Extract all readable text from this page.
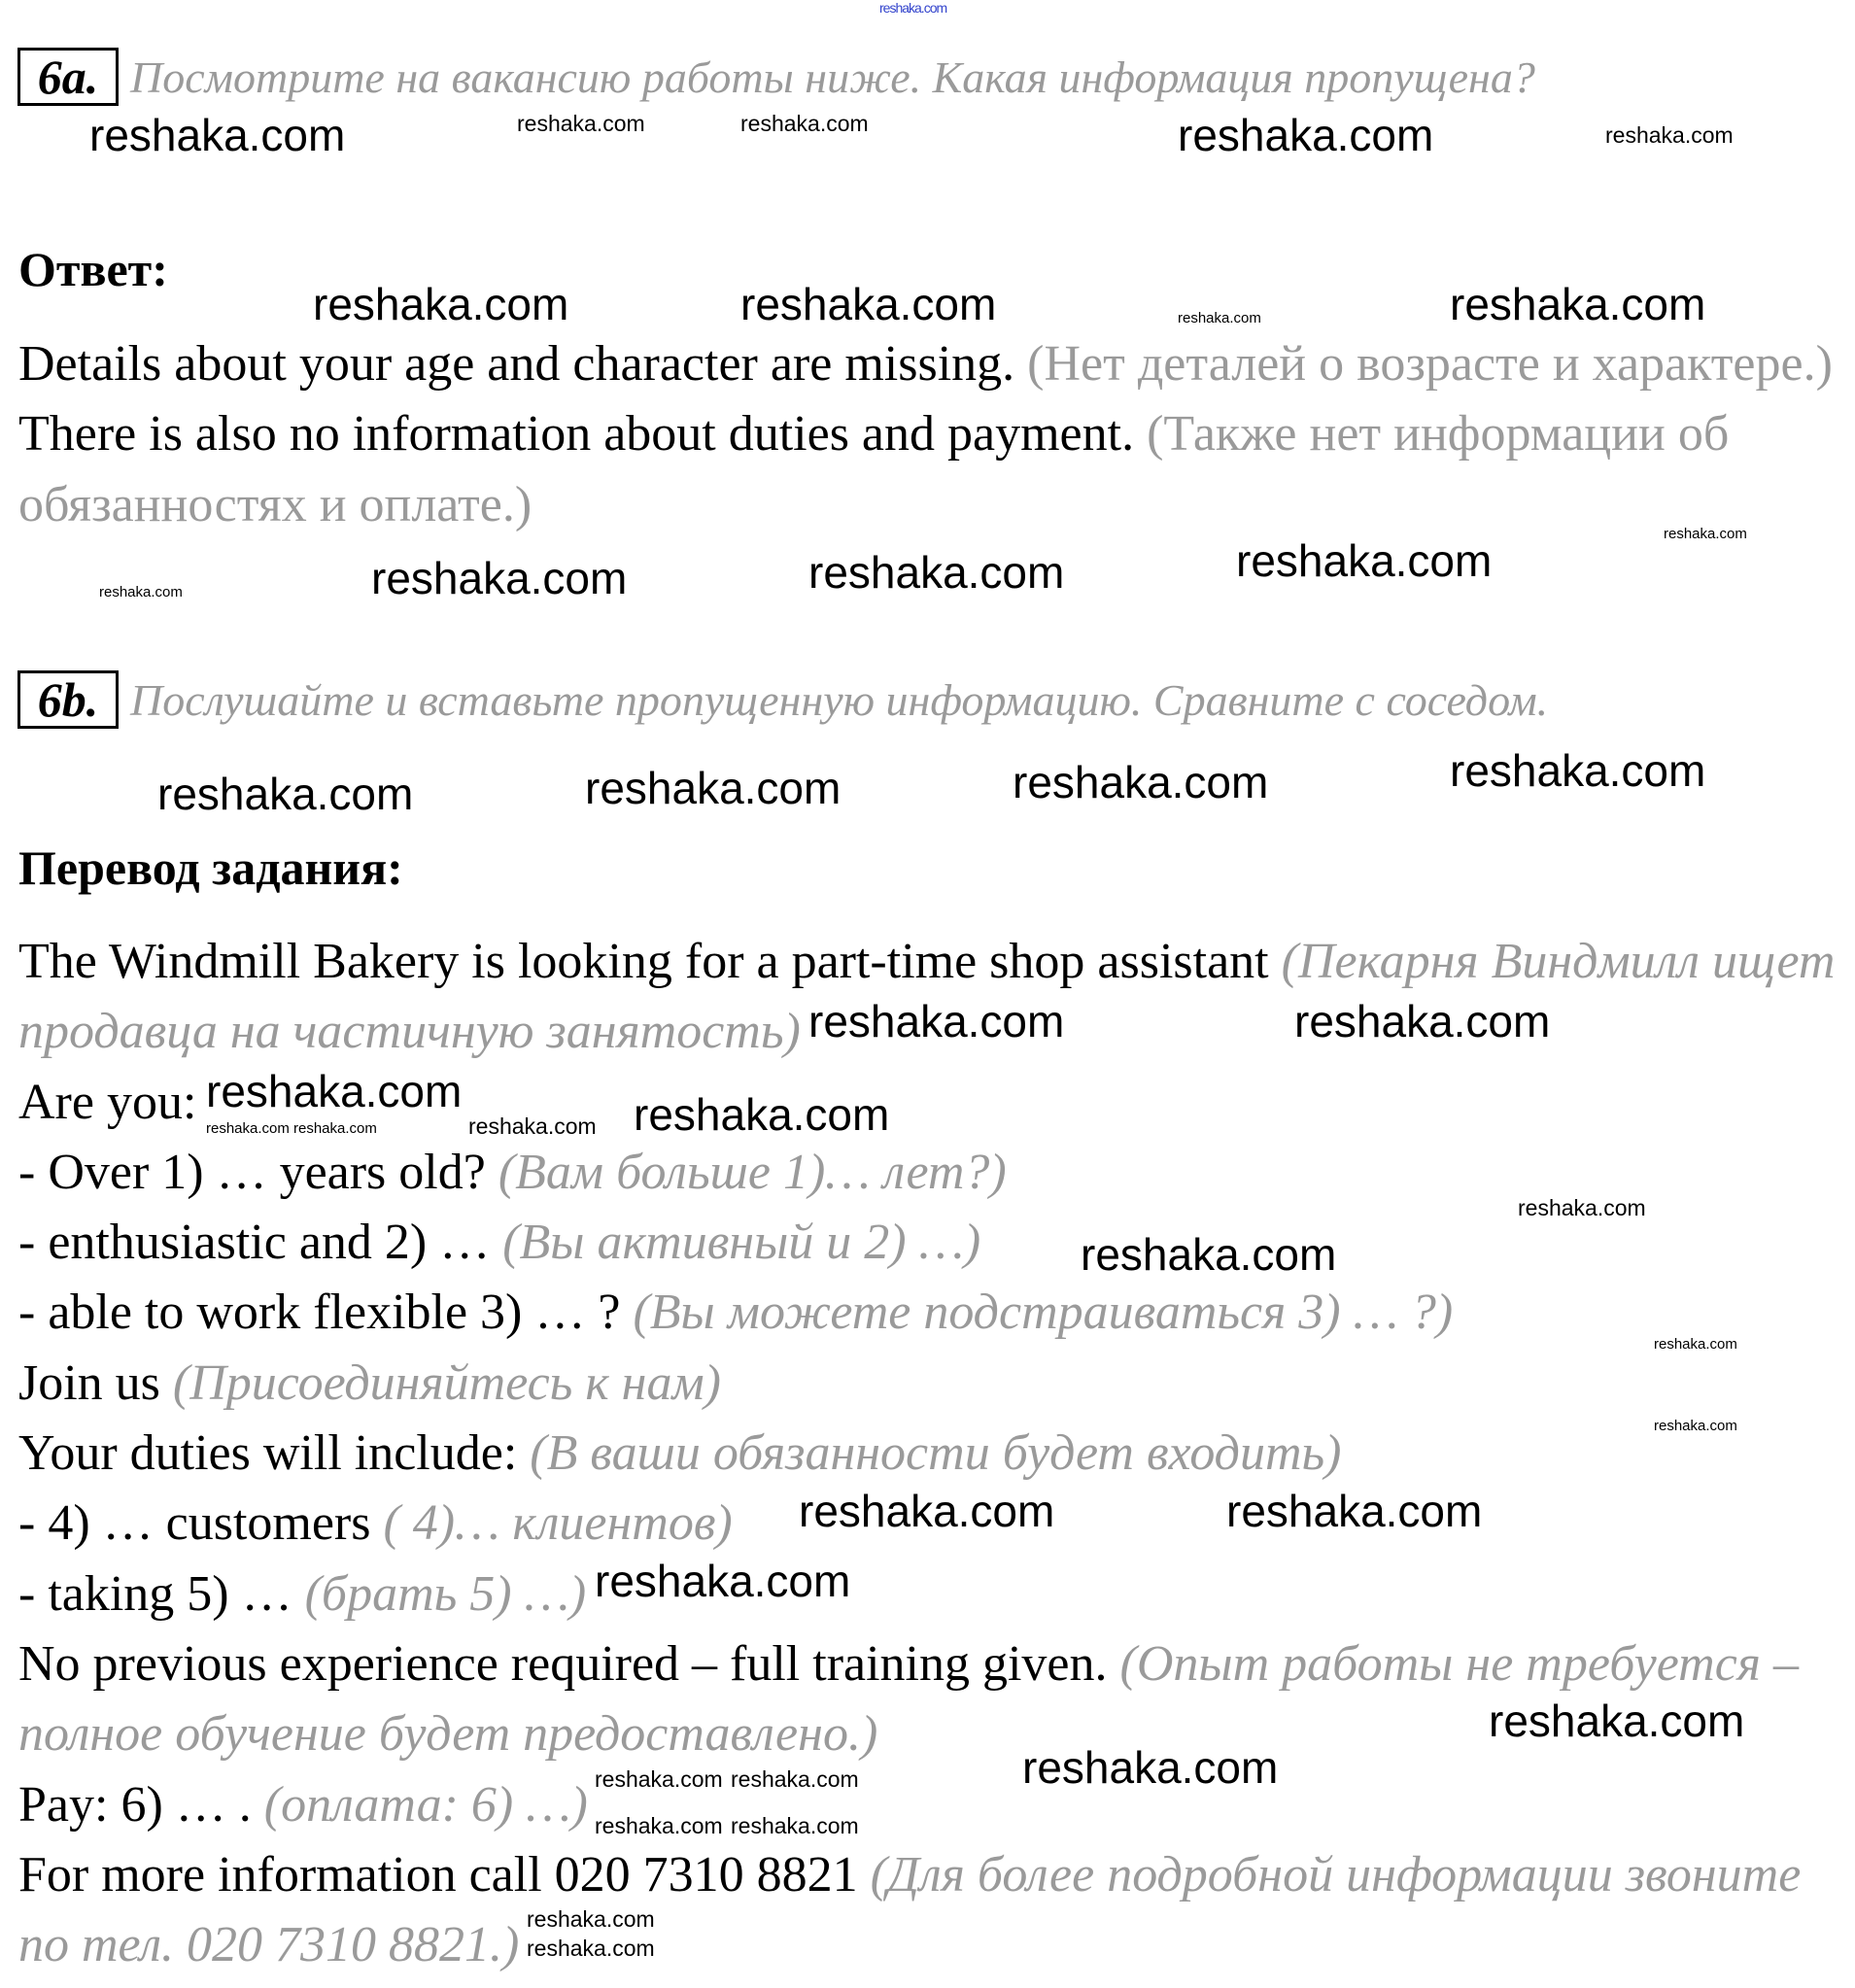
reshaka.com
6a. Посмотрите на вакансию работы ниже. Какая информация пропущена?
Ответ:
Details about your age and character are missing. (Нет деталей о возрасте и характере.) There is also no information about duties and payment. (Также нет информации об обязанностях и оплате.)
6b. Послушайте и вставьте пропущенную информацию. Сравните с соседом.
Перевод задания:
The Windmill Bakery is looking for a part-time shop assistant (Пекарня Виндмилл ищет продавца на частичную занятость)
Are you:
- Over 1) … years old? (Вам больше 1)… лет?)
- enthusiastic and 2) … (Вы активный и 2) …)
- able to work flexible 3) … ? (Вы можете подстраиваться 3) … ?)
Join us (Присоединяйтесь к нам)
Your duties will include: (В ваши обязанности будет входить)
- 4) … customers ( 4)… клиентов)
- taking 5) … (брать 5) …)
No previous experience required – full training given. (Опыт работы не требуется – полное обучение будет предоставлено.)
Pay: 6) … . (оплата: 6) …)
For more information call 020 7310 8821 (Для более подробной информации звоните по тел. 020 7310 8821.)
reshaka.com	reshaka.com
reshaka.com	reshaka.com	reshaka.com
reshaka.com	reshaka.com	reshaka.com
reshaka.com	reshaka.com	reshaka.com	reshaka.com
reshaka.com
reshaka.com	reshaka.com
reshaka.com
reshaka.com
reshaka.com
reshaka.com	reshaka.com
reshaka.com
reshaka.com
reshaka.com	reshaka.com	reshaka.com
reshaka.com
reshaka.com
reshaka.com
reshaka.com
reshaka.com
reshaka.com
reshaka.com reshaka.com
reshaka.com
reshaka.com reshaka.com
reshaka.com
reshaka.com
reshaka.com reshaka.com
